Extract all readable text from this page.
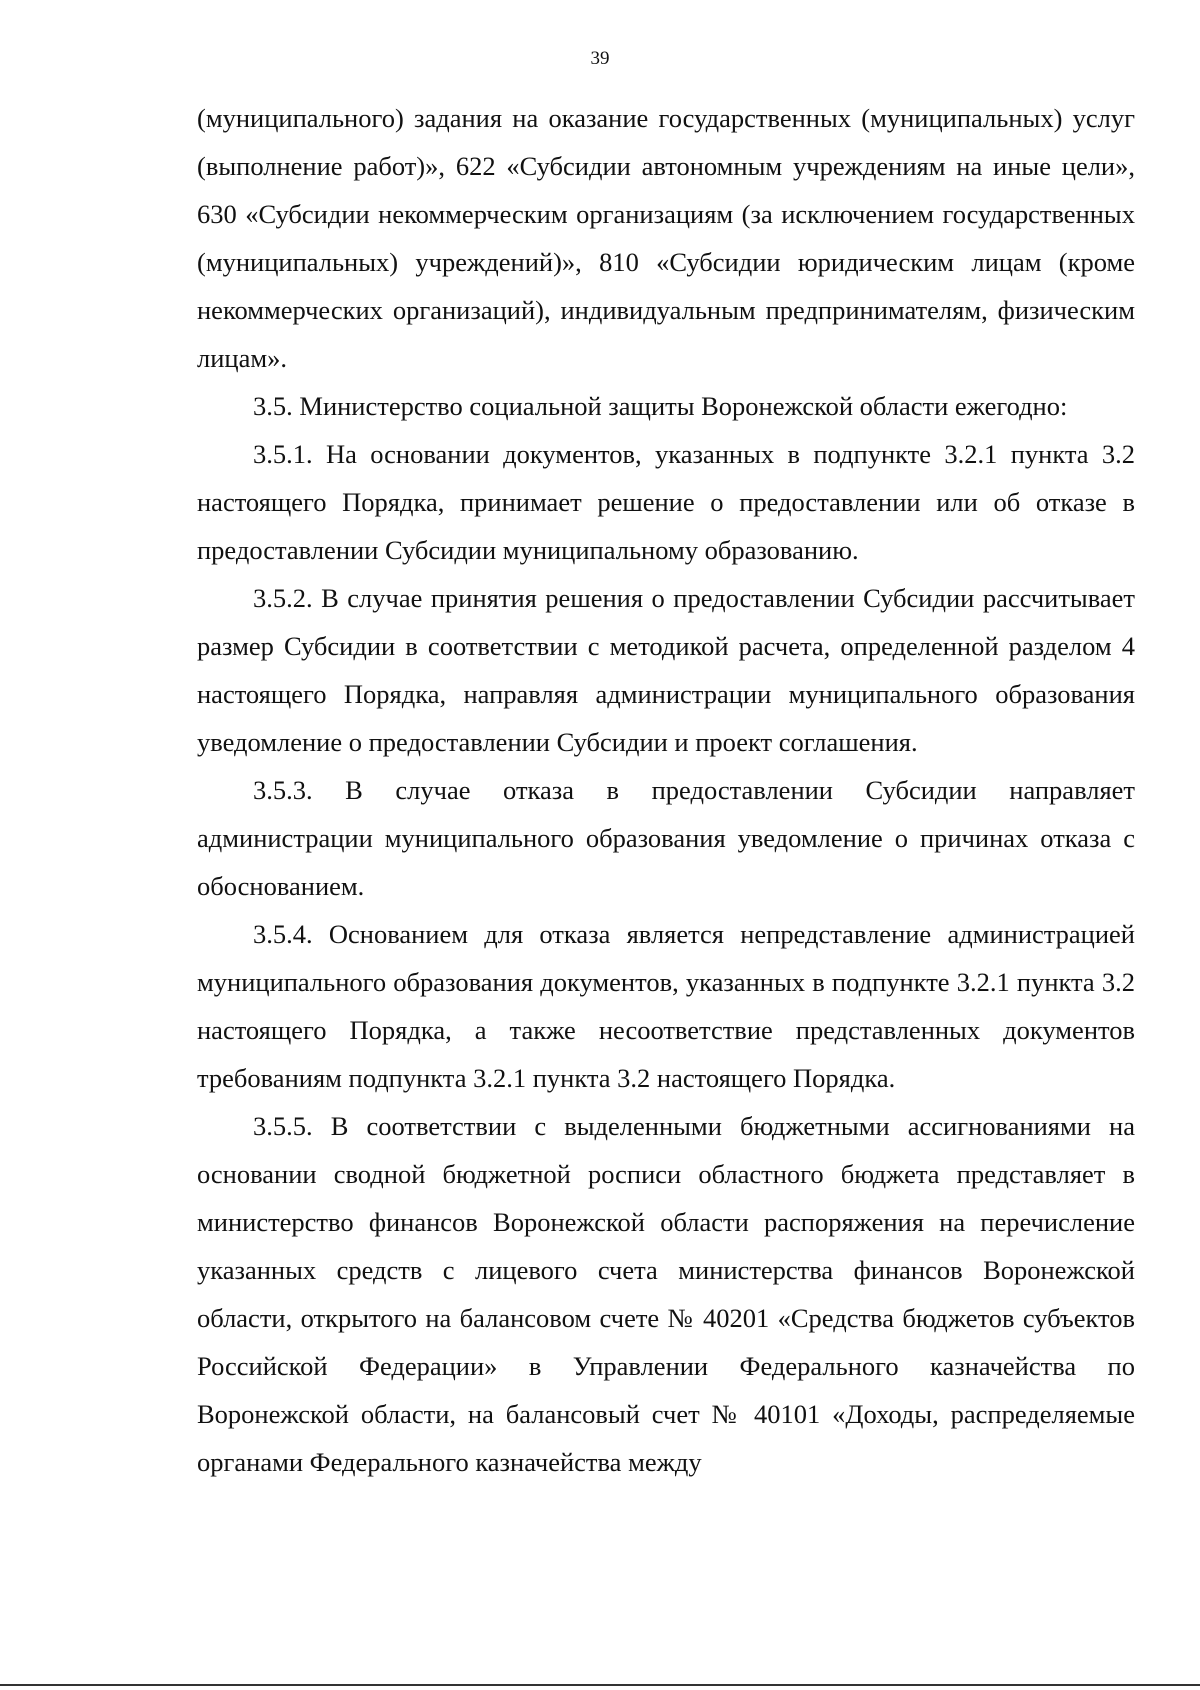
39

(муниципального) задания на оказание государственных (муниципальных) услуг (выполнение работ)», 622 «Субсидии автономным учреждениям на иные цели», 630 «Субсидии некоммерческим организациям (за исключением государственных (муниципальных) учреждений)», 810 «Субсидии юридическим лицам (кроме некоммерческих организаций), индивидуальным предпринимателям, физическим лицам».

3.5. Министерство социальной защиты Воронежской области ежегодно:

3.5.1. На основании документов, указанных в подпункте 3.2.1 пункта 3.2 настоящего Порядка, принимает решение о предоставлении или об отказе в предоставлении Субсидии муниципальному образованию.

3.5.2. В случае принятия решения о предоставлении Субсидии рассчитывает размер Субсидии в соответствии с методикой расчета, определенной разделом 4 настоящего Порядка, направляя администрации муниципального образования уведомление о предоставлении Субсидии и проект соглашения.

3.5.3. В случае отказа в предоставлении Субсидии направляет администрации муниципального образования уведомление о причинах отказа с обоснованием.

3.5.4. Основанием для отказа является непредставление администрацией муниципального образования документов, указанных в подпункте 3.2.1 пункта 3.2 настоящего Порядка, а также несоответствие представленных документов требованиям подпункта 3.2.1 пункта 3.2 настоящего Порядка.

3.5.5. В соответствии с выделенными бюджетными ассигнованиями на основании сводной бюджетной росписи областного бюджета представляет в министерство финансов Воронежской области распоряжения на перечисление указанных средств с лицевого счета министерства финансов Воронежской области, открытого на балансовом счете № 40201 «Средства бюджетов субъектов Российской Федерации» в Управлении Федерального казначейства по Воронежской области, на балансовый счет № 40101 «Доходы, распределяемые органами Федерального казначейства между
